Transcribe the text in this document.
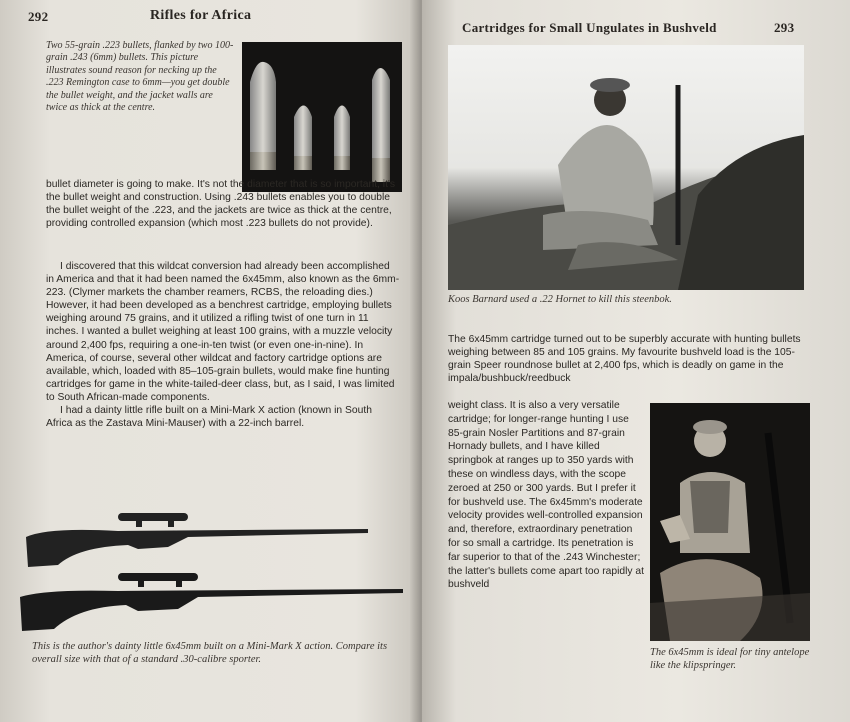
292	Rifles for Africa
Two 55-grain .223 bullets, flanked by two 100-grain .243 (6mm) bullets. This picture illustrates sound reason for necking up the .223 Remington case to 6mm—you get double the bullet weight, and the jacket walls are twice as thick at the centre.

bullet diameter is going to make. It's not the diameter that is so important, it's the bullet weight and construction. Using .243 bullets enables you to double the bullet weight of the .223, and the jackets are twice as thick at the centre, providing controlled expansion (which most .223 bullets do not provide).

I discovered that this wildcat conversion had already been accomplished in America and that it had been named the 6x45mm, also known as the 6mm-223. (Clymer markets the chamber reamers, RCBS, the reloading dies.) However, it had been developed as a benchrest cartridge, employing bullets weighing around 75 grains, and it utilized a rifling twist of one turn in 11 inches. I wanted a bullet weighing at least 100 grains, with a muzzle velocity around 2,400 fps, requiring a one-in-ten twist (or even one-in-nine). In America, of course, several other wildcat and factory cartridge options are available, which, loaded with 85–105-grain bullets, would make fine hunting cartridges for game in the white-tailed-deer class, but, as I said, I was limited to South African-made components.

I had a dainty little rifle built on a Mini-Mark X action (known in South Africa as the Zastava Mini-Mauser) with a 22-inch barrel.

This is the author's dainty little 6x45mm built on a Mini-Mark X action. Compare its overall size with that of a standard .30-calibre sporter.
Cartridges for Small Ungulates in Bushveld	293
Koos Barnard used a .22 Hornet to kill this steenbok.
The 6x45mm cartridge turned out to be superbly accurate with hunting bullets weighing between 85 and 105 grains. My favourite bushveld load is the 105-grain Speer roundnose bullet at 2,400 fps, which is deadly on game in the impala/bushbuck/reedbuck
weight class. It is also a very versatile cartridge; for longer-range hunting I use 85-grain Nosler Partitions and 87-grain Hornady bullets, and I have killed springbok at ranges up to 350 yards with these on windless days, with the scope zeroed at 250 or 300 yards. But I prefer it for bushveld use. The 6x45mm's moderate velocity provides well-controlled expansion and, therefore, extraordinary penetration for so small a cartridge. Its penetration is far superior to that of the .243 Winchester; the latter's bullets come apart too rapidly at bushveld
The 6x45mm is ideal for tiny antelope like the klipspringer.
